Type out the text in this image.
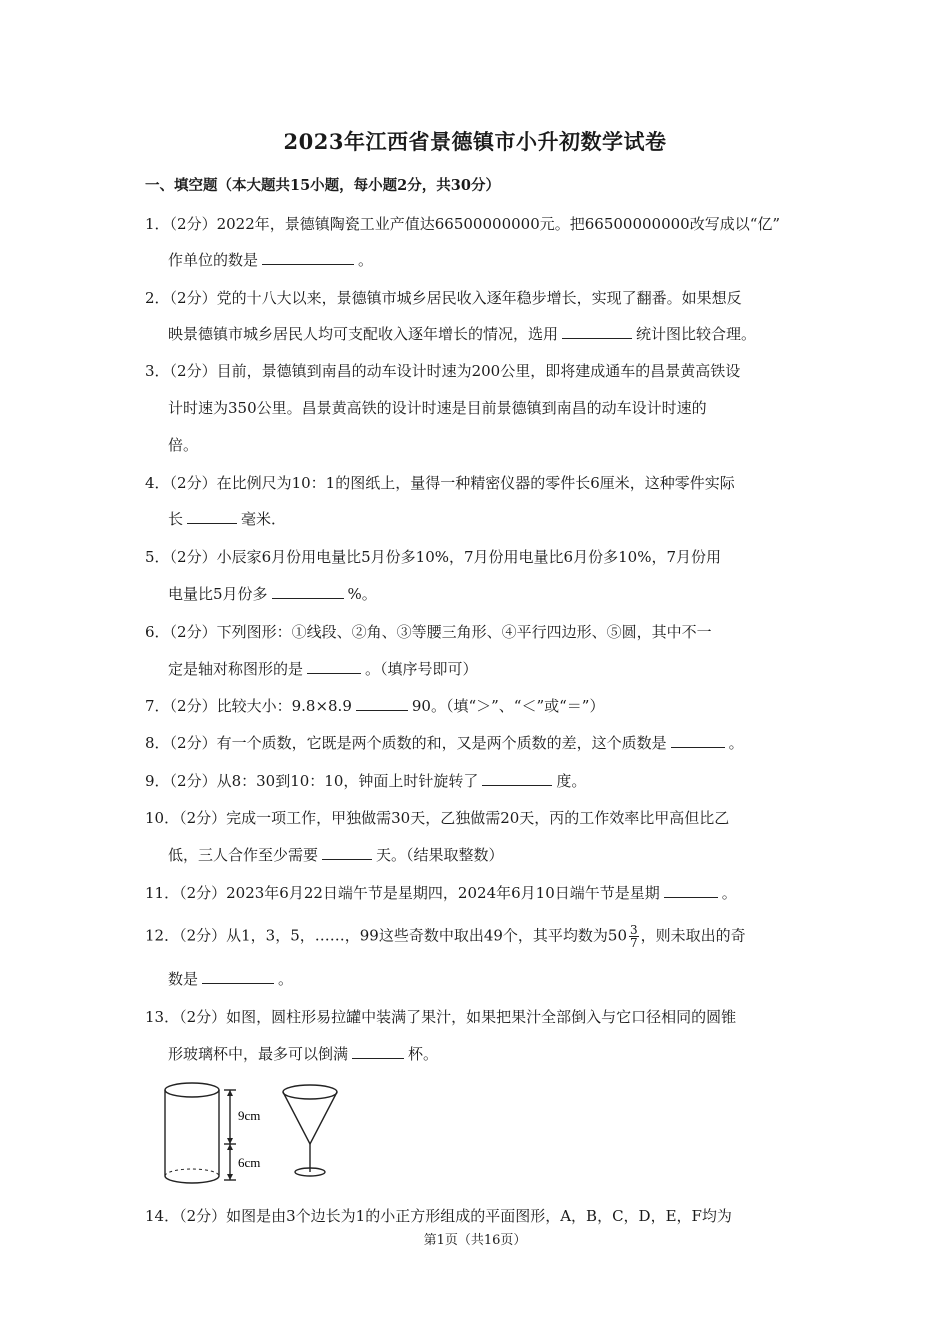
2023年江西省景德镇市小升初数学试卷
一、填空题（本大题共15小题，每小题2分，共30分）
1．（2分）2022年，景德镇陶瓷工业产值达66500000000元。把66500000000改写成以“亿”
作单位的数是	。
2．（2分）党的十八大以来，景德镇市城乡居民收入逐年稳步增长，实现了翻番。如果想反
映景德镇市城乡居民人均可支配收入逐年增长的情况，选用	统计图比较合理。
3．（2分）目前，景德镇到南昌的动车设计时速为200公里，即将建成通车的昌景黄高铁设
计时速为350公里。昌景黄高铁的设计时速是目前景德镇到南昌的动车设计时速的
倍。
4．（2分）在比例尺为10：1的图纸上，量得一种精密仪器的零件长6厘米，这种零件实际
长	毫米．
5．（2分）小辰家6月份用电量比5月份多10%，7月份用电量比6月份多10%，7月份用
电量比5月份多	%。
6．（2分）下列图形：①线段、②角、③等腰三角形、④平行四边形、⑤圆，其中不一
定是轴对称图形的是	。（填序号即可）
7．（2分）比较大小：9.8×8.9	90。（填“＞”、“＜”或“＝”）
8．（2分）有一个质数，它既是两个质数的和，又是两个质数的差，这个质数是	。
9．（2分）从8：30到10：10，钟面上时针旋转了	度。
10．（2分）完成一项工作，甲独做需30天，乙独做需20天，丙的工作效率比甲高但比乙
低，三人合作至少需要	天。（结果取整数）
11．（2分）2023年6月22日端午节是星期四，2024年6月10日端午节是星期	。
12．（2分）从1，3，5，……，99这些奇数中取出49个，其平均数为$50 \frac{3}{7}$ ，则未取出的奇
数是	。
13．（2分）如图，圆柱形易拉罐中装满了果汁，如果把果汁全部倒入与它口径相同的圆锥
形玻璃杯中，最多可以倒满	杯。
9cm
6cm
14．（2分）如图是由3个边长为1的小正方形组成的平面图形，A，B，C，D，E，F均为
第1页（共16页）
